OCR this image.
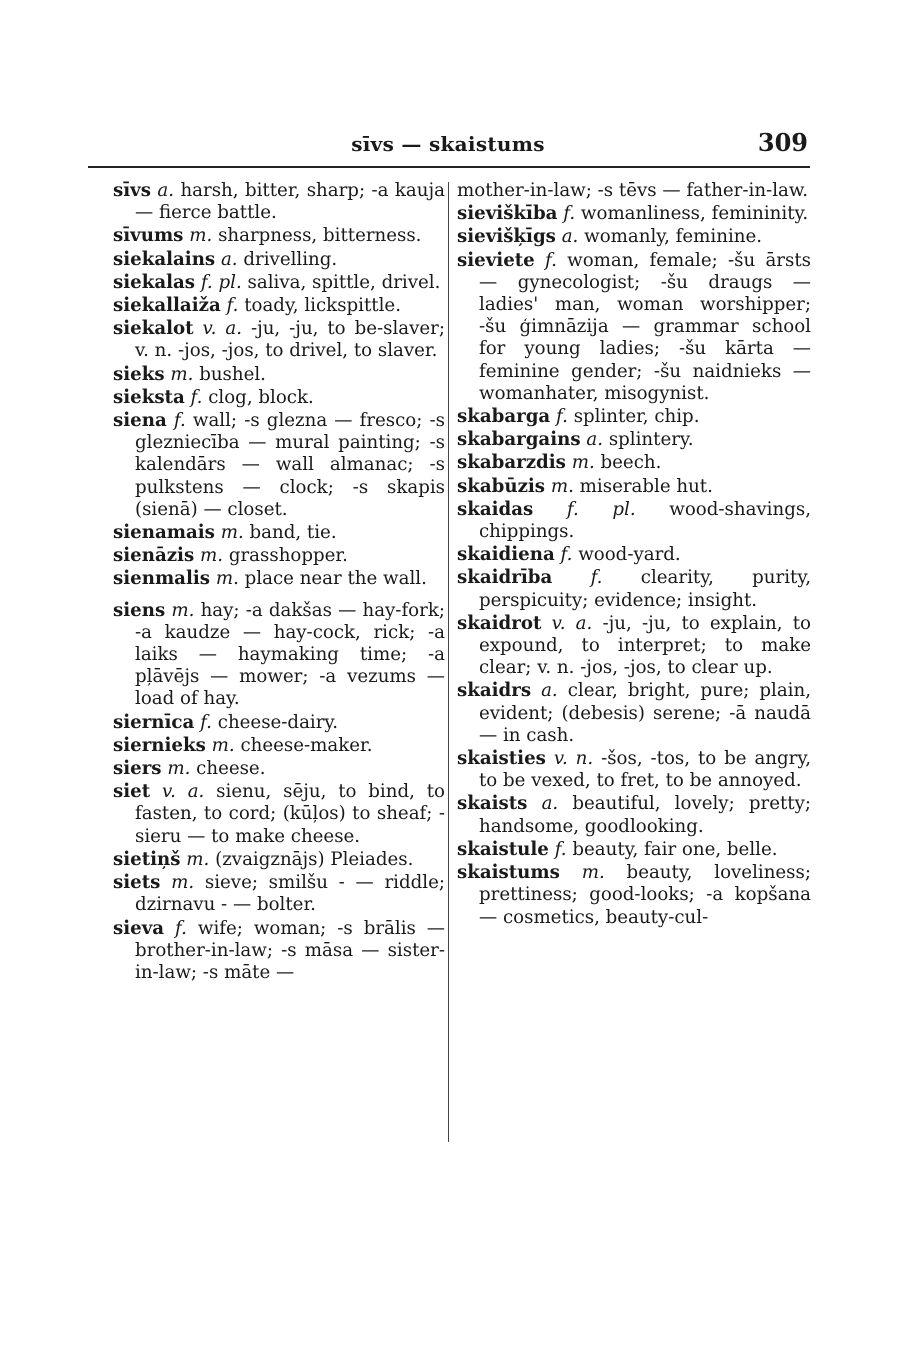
sīvs — skaistums	309
sīvs a. harsh, bitter, sharp; -a kauja — fierce battle.
sīvums m. sharpness, bitterness.
siekalains a. drivelling.
siekalas f. pl. saliva, spittle, drivel.
siekallaiža f. toady, lickspittle.
siekalot v. a. -ju, -ju, to be-slaver; v. n. -jos, -jos, to drivel, to slaver.
sieks m. bushel.
siekstа f. clog, block.
siena f. wall; -s glezna — fresco; -s glezniecība — mural painting; -s kalendārs — wall almanac; -s pulkstens — clock; -s skapis (sienā) — closet.
sienamais m. band, tie.
sienāzis m. grasshopper.
sienmalis m. place near the wall.
siens m. hay; -a dakšas — hay-fork; -a kaudze — hay-cock, rick; -a laiks — haymaking time; -a pļāvējs — mower; -a vezums — load of hay.
siernīca f. cheese-dairy.
siernieks m. cheese-maker.
siers m. cheese.
siet v. a. sienu, sēju, to bind, to fasten, to cord; (kūļos) to sheaf; - sieru — to make cheese.
sietiņš m. (zvaigznājs) Pleiades.
siets m. sieve; smilšu - — riddle; dzirnavu - — bolter.
sieva f. wife; woman; -s brālis — brother-in-law; -s māsa — sister-in-law; -s māte —
mother-in-law; -s tēvs — father-in-law.
sieviškība f. womanliness, femininity.
sievišķīgs a. womanly, feminine.
sieviete f. woman, female; -šu ārsts — gynecologist; -šu draugs — ladies' man, woman worshipper; -šu ģimnāzija — grammar school for young ladies; -šu kārta — feminine gender; -šu naidnieks — womanhater, misogynist.
skabarga f. splinter, chip.
skabargains a. splintery.
skabarzdis m. beech.
skabūzis m. miserable hut.
skaidas f. pl. wood-shavings, chippings.
skaidiena f. wood-yard.
skaidrība f. clearity, purity, perspicuity; evidence; insight.
skaidrot v. a. -ju, -ju, to explain, to expound, to interpret; to make clear; v. n. -jos, -jos, to clear up.
skaidrs a. clear, bright, pure; plain, evident; (debesis) serene; -ā naudā — in cash.
skaisties v. n. -šos, -tos, to be angry, to be vexed, to fret, to be annoyed.
skaists a. beautiful, lovely; pretty; handsome, goodlooking.
skaistule f. beauty, fair one, belle.
skaistums m. beauty, loveliness; prettiness; good-looks; -a kopšana — cosmetics, beauty-cul-
